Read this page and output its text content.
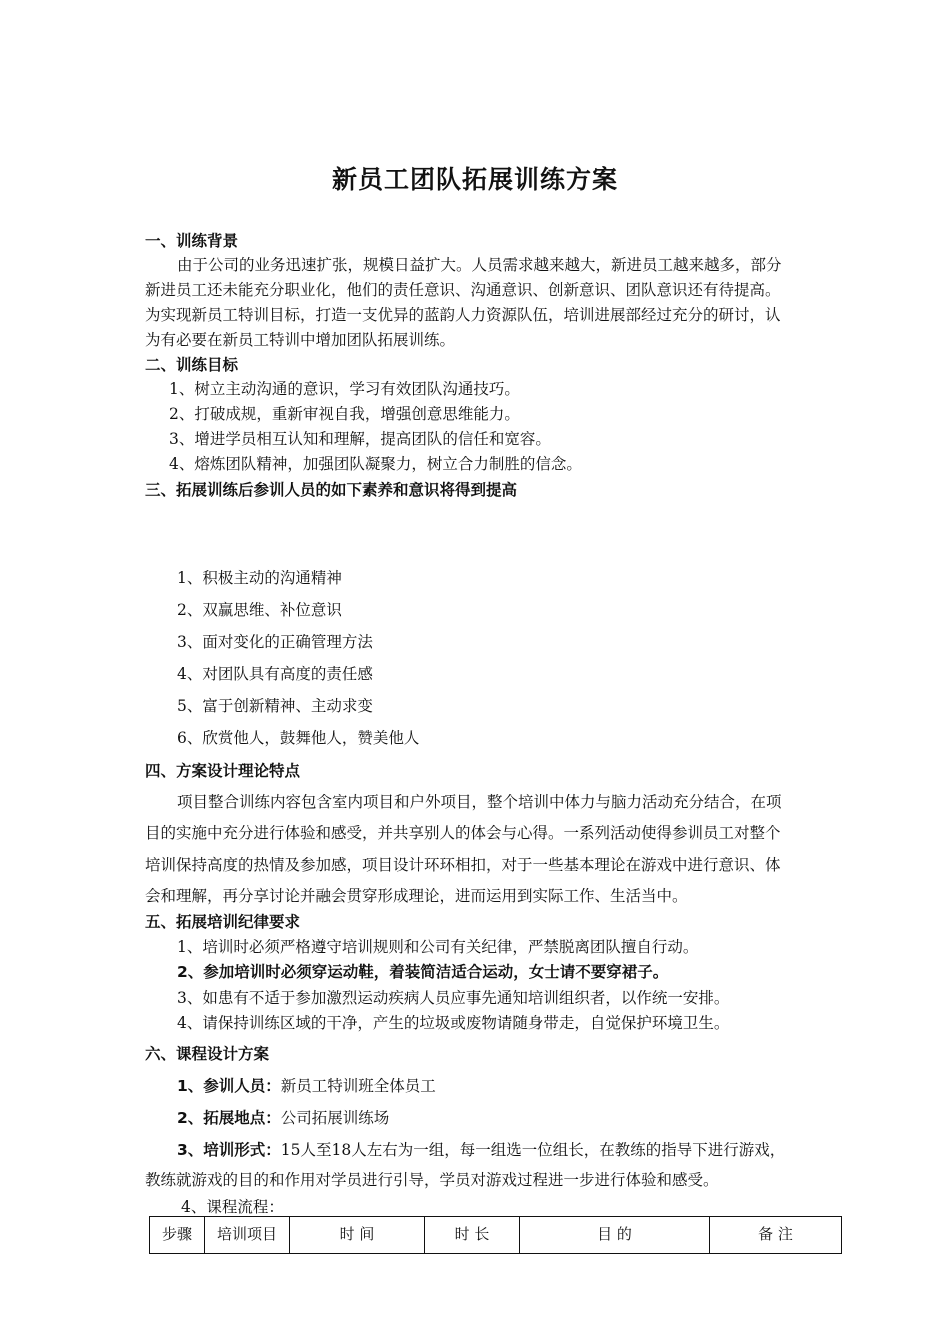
新员工团队拓展训练方案
一、训练背景
由于公司的业务迅速扩张，规模日益扩大。人员需求越来越大，新进员工越来越多，部分
新进员工还未能充分职业化，他们的责任意识、沟通意识、创新意识、团队意识还有待提高。
为实现新员工特训目标，打造一支优异的蓝韵人力资源队伍，培训进展部经过充分的研讨，认
为有必要在新员工特训中增加团队拓展训练。
二、训练目标
1、树立主动沟通的意识，学习有效团队沟通技巧。
2、打破成规，重新审视自我，增强创意思维能力。
3、增进学员相互认知和理解，提高团队的信任和宽容。
4、熔炼团队精神，加强团队凝聚力，树立合力制胜的信念。
三、拓展训练后参训人员的如下素养和意识将得到提高
1、积极主动的沟通精神
2、双赢思维、补位意识
3、面对变化的正确管理方法
4、对团队具有高度的责任感
5、富于创新精神、主动求变
6、欣赏他人，鼓舞他人，赞美他人
四、方案设计理论特点
项目整合训练内容包含室内项目和户外项目，整个培训中体力与脑力活动充分结合，在项
目的实施中充分进行体验和感受，并共享别人的体会与心得。一系列活动使得参训员工对整个
培训保持高度的热情及参加感，项目设计环环相扣，对于一些基本理论在游戏中进行意识、体
会和理解，再分享讨论并融会贯穿形成理论，进而运用到实际工作、生活当中。
五、拓展培训纪律要求
1、培训时必须严格遵守培训规则和公司有关纪律，严禁脱离团队擅自行动。
2、参加培训时必须穿运动鞋，着装简洁适合运动，女士请不要穿裙子。
3、如患有不适于参加激烈运动疾病人员应事先通知培训组织者，以作统一安排。
4、请保持训练区域的干净，产生的垃圾或废物请随身带走，自觉保护环境卫生。
六、课程设计方案
1、参训人员：新员工特训班全体员工
2、拓展地点：公司拓展训练场
3、培训形式：15人至18人左右为一组，每一组选一位组长，在教练的指导下进行游戏，
教练就游戏的目的和作用对学员进行引导，学员对游戏过程进一步进行体验和感受。
4、课程流程：
步骤	培训项目	时 间	时 长	目 的	备 注
